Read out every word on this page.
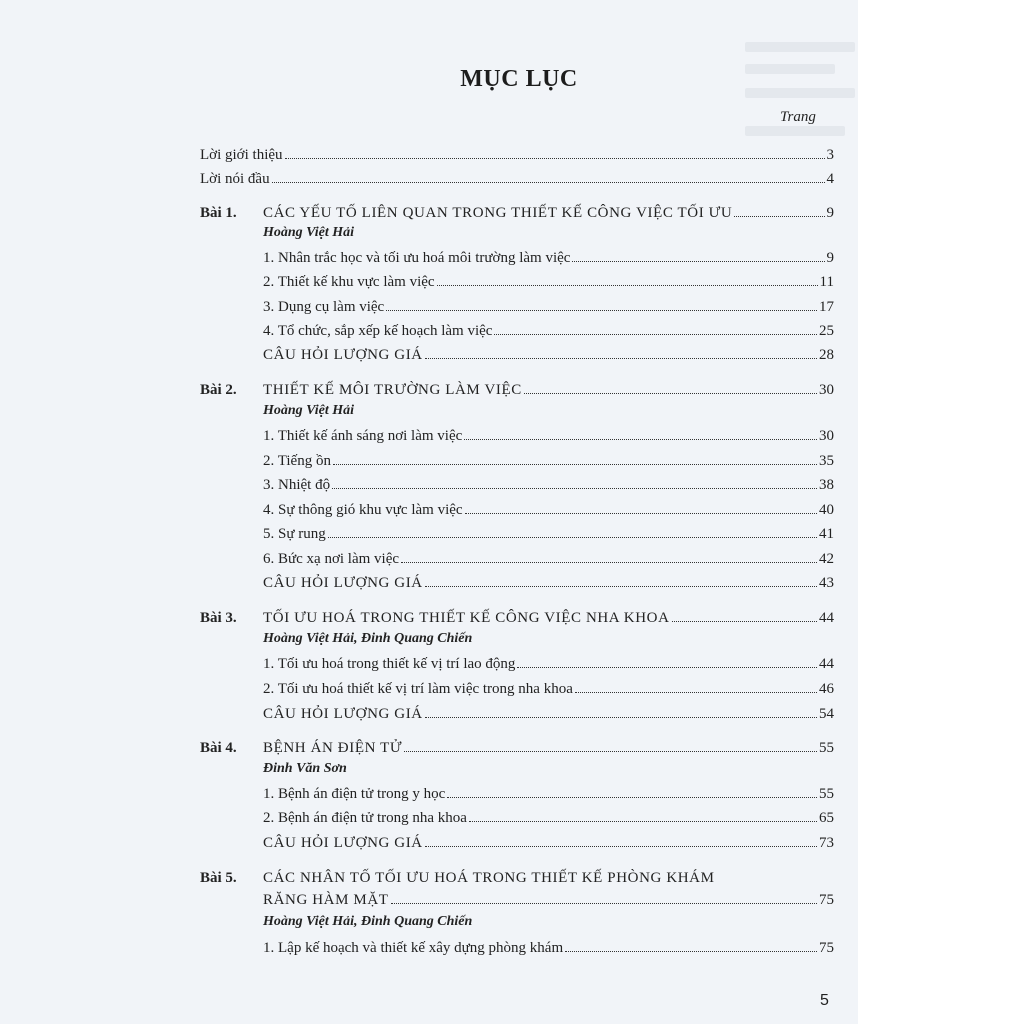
MỤC LỤC
Trang
Lời giới thiệu	3
Lời nói đầu	4
Bài 1.	CÁC YẾU TỐ LIÊN QUAN TRONG THIẾT KẾ CÔNG VIỆC TỐI ƯU	9
Hoàng Việt Hải
1. Nhân trắc học và tối ưu hoá môi trường làm việc	9
2. Thiết kế khu vực làm việc	11
3. Dụng cụ làm việc	17
4. Tổ chức, sắp xếp kế hoạch làm việc	25
CÂU HỎI LƯỢNG GIÁ	28
Bài 2.	THIẾT KẾ MÔI TRƯỜNG LÀM VIỆC	30
Hoàng Việt Hải
1. Thiết kế ánh sáng nơi làm việc	30
2. Tiếng ồn	35
3. Nhiệt độ	38
4. Sự thông gió khu vực làm việc	40
5. Sự rung	41
6. Bức xạ nơi làm việc	42
CÂU HỎI LƯỢNG GIÁ	43
Bài 3.	TỐI ƯU HOÁ TRONG THIẾT KẾ CÔNG VIỆC NHA KHOA	44
Hoàng Việt Hải, Đinh Quang Chiến
1. Tối ưu hoá trong thiết kế vị trí lao động	44
2. Tối ưu hoá thiết kế vị trí làm việc trong nha khoa	46
CÂU HỎI LƯỢNG GIÁ	54
Bài 4.	BỆNH ÁN ĐIỆN TỬ	55
Đinh Văn Sơn
1. Bệnh án điện tử trong y học	55
2. Bệnh án điện tử trong nha khoa	65
CÂU HỎI LƯỢNG GIÁ	73
Bài 5.	CÁC NHÂN TỐ TỐI ƯU HOÁ TRONG THIẾT KẾ PHÒNG KHÁM
RĂNG HÀM MẶT	75
Hoàng Việt Hải, Đinh Quang Chiến
1. Lập kế hoạch và thiết kế xây dựng phòng khám	75
5
